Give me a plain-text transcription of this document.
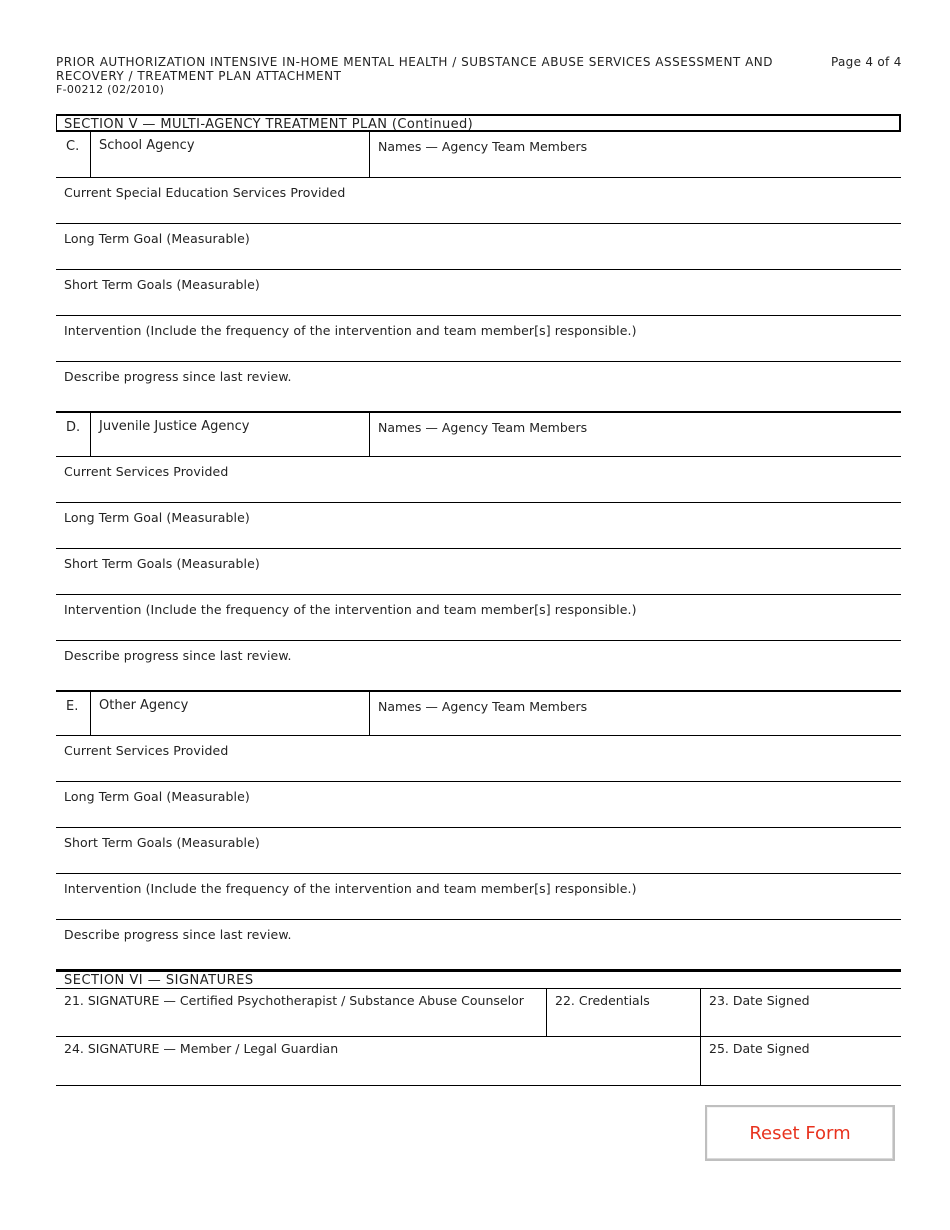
PRIOR AUTHORIZATION INTENSIVE IN-HOME MENTAL HEALTH / SUBSTANCE ABUSE SERVICES ASSESSMENT AND RECOVERY / TREATMENT PLAN ATTACHMENT
F-00212 (02/2010)
Page 4 of 4
SECTION V — MULTI-AGENCY TREATMENT PLAN (Continued)
C.	School Agency	Names — Agency Team Members
Current Special Education Services Provided
Long Term Goal (Measurable)
Short Term Goals (Measurable)
Intervention (Include the frequency of the intervention and team member[s] responsible.)
Describe progress since last review.
D.	Juvenile Justice Agency	Names — Agency Team Members
Current Services Provided
Long Term Goal (Measurable)
Short Term Goals (Measurable)
Intervention (Include the frequency of the intervention and team member[s] responsible.)
Describe progress since last review.
E.	Other Agency	Names — Agency Team Members
Current Services Provided
Long Term Goal (Measurable)
Short Term Goals (Measurable)
Intervention (Include the frequency of the intervention and team member[s] responsible.)
Describe progress since last review.
SECTION VI — SIGNATURES
21. SIGNATURE — Certified Psychotherapist / Substance Abuse Counselor	22. Credentials	23. Date Signed
24. SIGNATURE — Member / Legal Guardian	25. Date Signed
Reset Form
